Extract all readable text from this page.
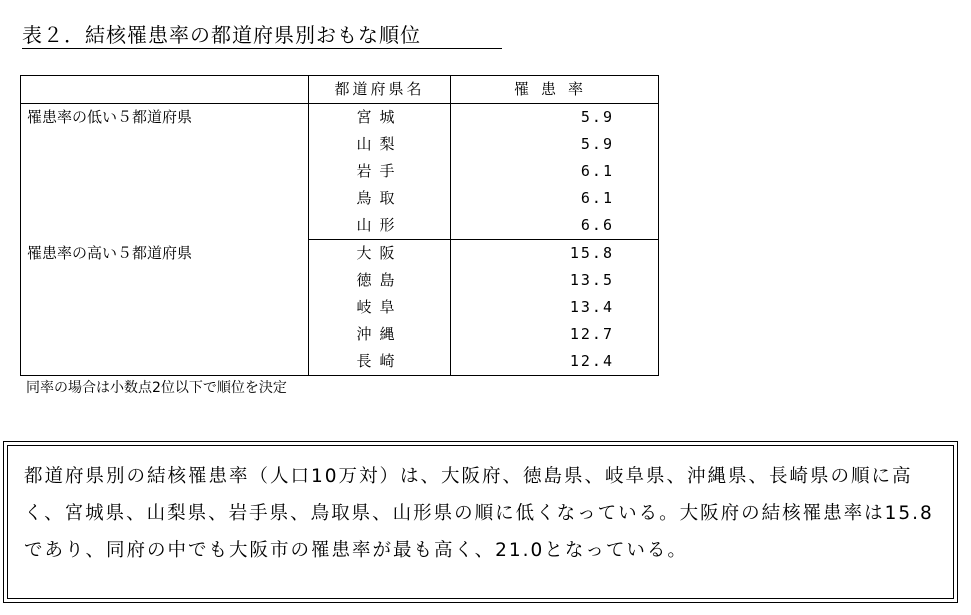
表２．結核罹患率の都道府県別おもな順位
	都道府県名	罹患率
罹患率の低い５都道府県	宮城	5.9
	山梨	5.9
	岩手	6.1
	鳥取	6.1
	山形	6.6
罹患率の高い５都道府県	大阪	15.8
	徳島	13.5
	岐阜	13.4
	沖縄	12.7
	長崎	12.4
同率の場合は小数点2位以下で順位を決定

都道府県別の結核罹患率（人口10万対）は、大阪府、徳島県、岐阜県、沖縄県、長崎県の順に高く、宮城県、山梨県、岩手県、鳥取県、山形県の順に低くなっている。大阪府の結核罹患率は15.8であり、同府の中でも大阪市の罹患率が最も高く、21.0となっている。
